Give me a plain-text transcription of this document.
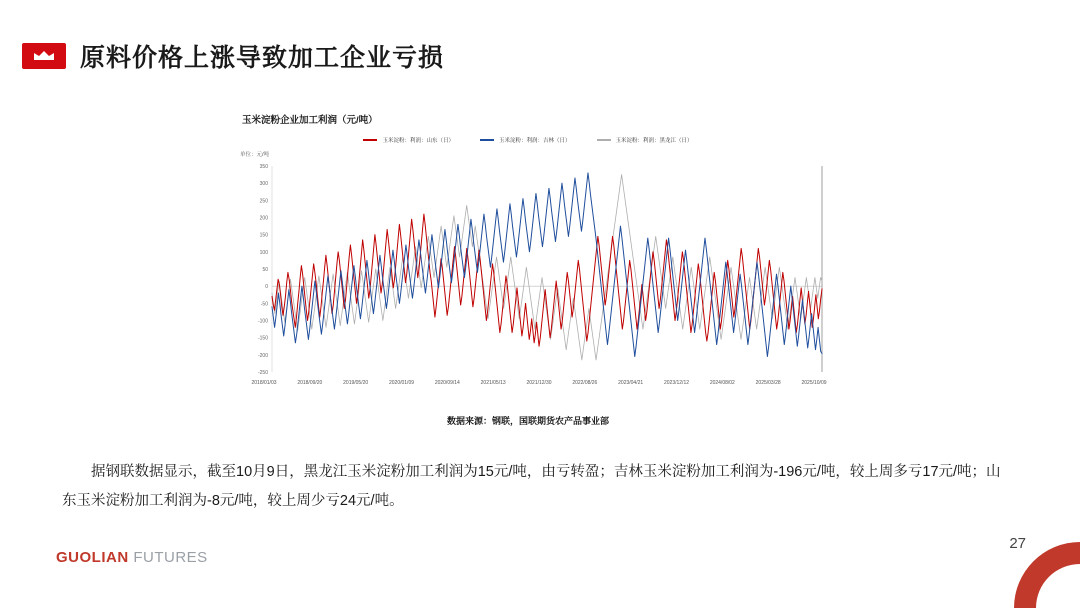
原料价格上涨导致加工企业亏损
玉米淀粉企业加工利润（元/吨）
玉米淀粉：利润：山东（日）	玉米淀粉：利润：吉林（日）	玉米淀粉：利润：黑龙江（日）
单位：元/吨
350
300
250
200
150
100
50
0
-50
-100
-150
-200
-250
2018/01/03	2018/09/20	2019/05/20	2020/01/09	2020/09/14	2021/05/13	2021/12/30	2022/08/26	2023/04/21	2023/12/12	2024/08/02	2025/03/28	2025/10/09
数据来源：钢联，国联期货农产品事业部
据钢联数据显示，截至10月9日，黑龙江玉米淀粉加工利润为15元/吨，由亏转盈；吉林玉米淀粉加工利润为-196元/吨，较上周多亏17元/吨；山东玉米淀粉加工利润为-8元/吨，较上周少亏24元/吨。
GUOLIAN FUTURES
27
